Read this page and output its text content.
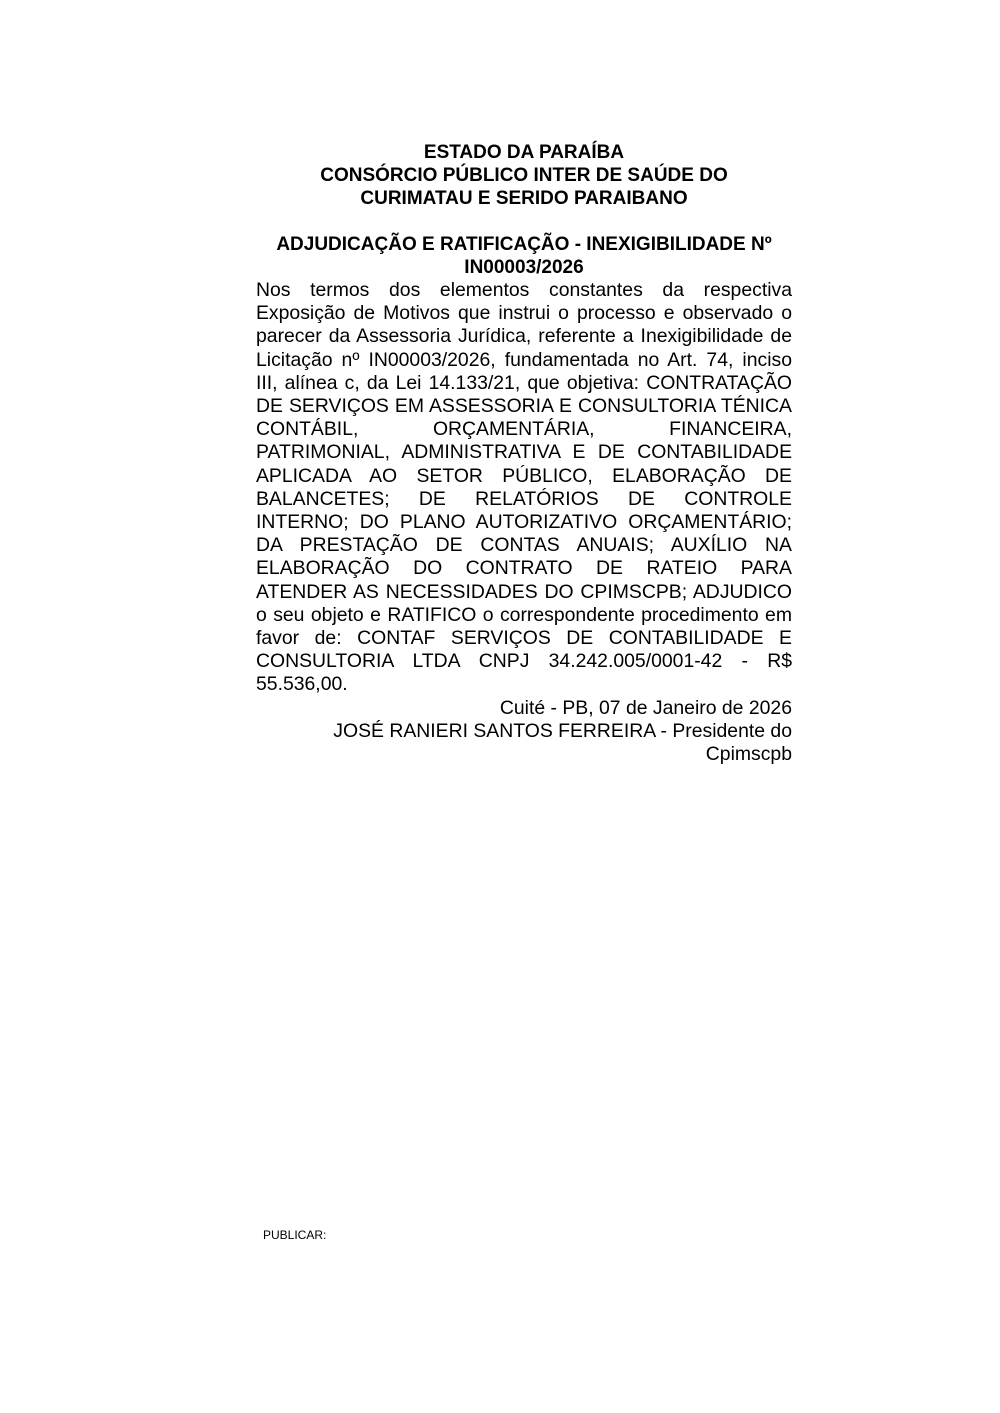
ESTADO DA PARAÍBA
CONSÓRCIO PÚBLICO INTER DE SAÚDE DO
CURIMATAU E SERIDO PARAIBANO
ADJUDICAÇÃO E RATIFICAÇÃO - INEXIGIBILIDADE Nº
IN00003/2026
Nos termos dos elementos constantes da respectiva Exposição de Motivos que instrui o processo e observado o parecer da Assessoria Jurídica, referente a Inexigibilidade de Licitação nº IN00003/2026, fundamentada no Art. 74, inciso III, alínea c, da Lei 14.133/21, que objetiva: CONTRATAÇÃO DE SERVIÇOS EM ASSESSORIA E CONSULTORIA TÉNICA CONTÁBIL, ORÇAMENTÁRIA, FINANCEIRA, PATRIMONIAL, ADMINISTRATIVA E DE CONTABILIDADE APLICADA AO SETOR PÚBLICO, ELABORAÇÃO DE BALANCETES; DE RELATÓRIOS DE CONTROLE INTERNO; DO PLANO AUTORIZATIVO ORÇAMENTÁRIO; DA PRESTAÇÃO DE CONTAS ANUAIS; AUXÍLIO NA ELABORAÇÃO DO CONTRATO DE RATEIO PARA ATENDER AS NECESSIDADES DO CPIMSCPB; ADJUDICO o seu objeto e RATIFICO o correspondente procedimento em favor de: CONTAF SERVIÇOS DE CONTABILIDADE E CONSULTORIA LTDA CNPJ 34.242.005/0001-42 - R$ 55.536,00.
Cuité - PB, 07 de Janeiro de 2026
JOSÉ RANIERI SANTOS FERREIRA - Presidente do
Cpimscpb
PUBLICAR:
